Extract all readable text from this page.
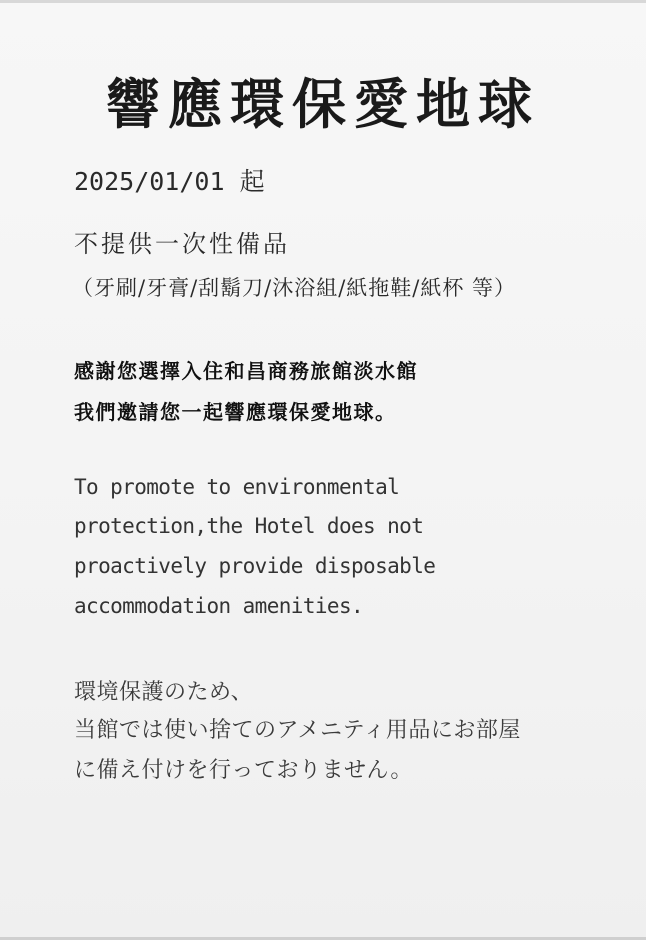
響應環保愛地球

2025/01/01 起

不提供一次性備品

（牙刷/牙膏/刮鬍刀/沐浴組/紙拖鞋/紙杯 等）

感謝您選擇入住和昌商務旅館淡水館

我們邀請您一起響應環保愛地球。

To promote to environmental

protection,the Hotel does not

proactively provide disposable

accommodation amenities.

環境保護のため、

当館では使い捨てのアメニティ用品にお部屋

に備え付けを行っておりません。
